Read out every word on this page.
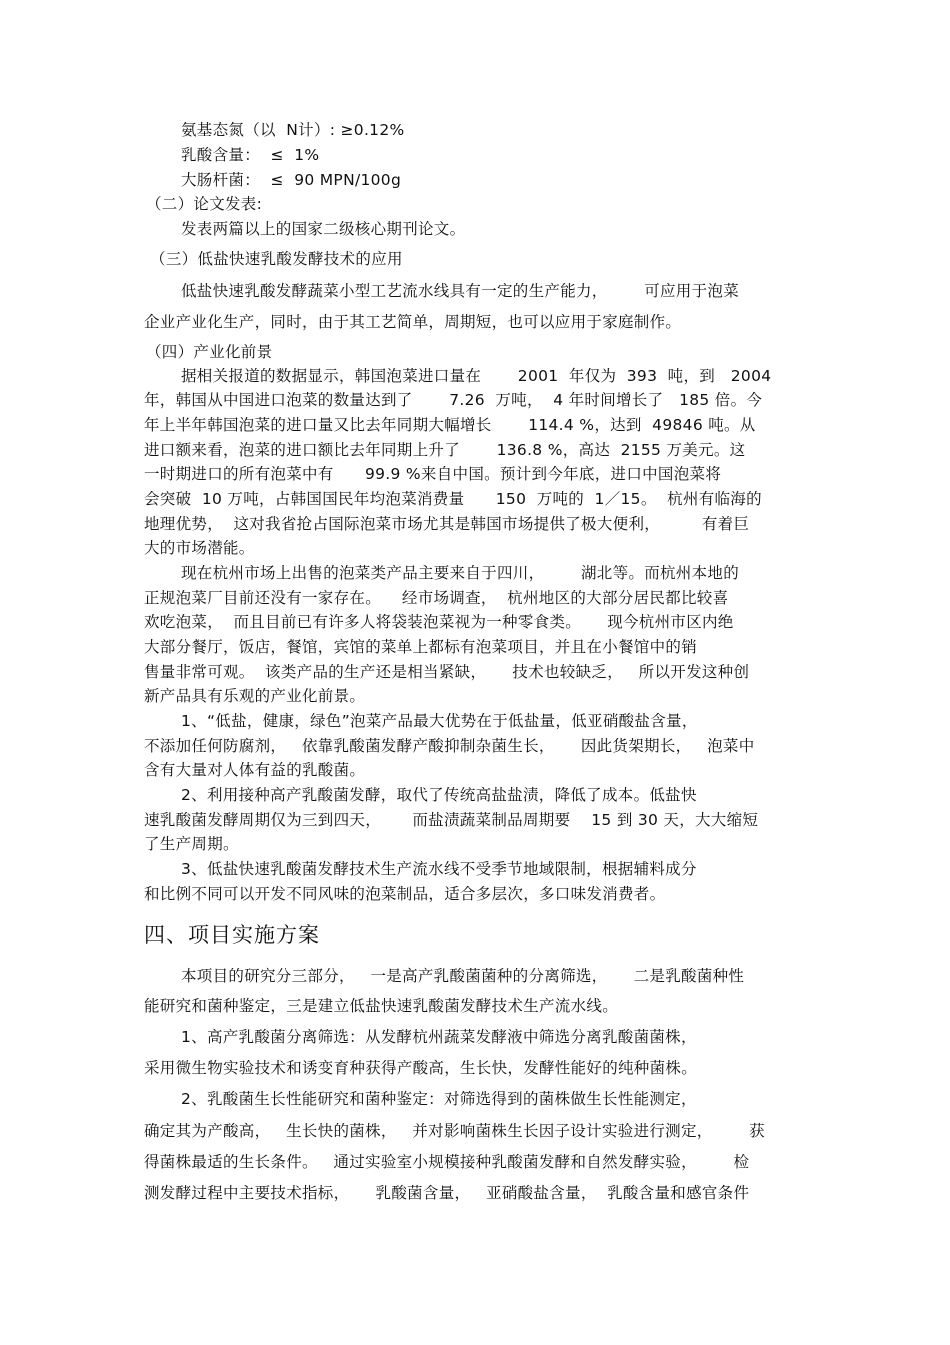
氨基态氮（以  N计）: ≥0.12%
乳酸含量：  ≤  1%
大肠杆菌：  ≤  90 MPN/100g
（二）论文发表:
发表两篇以上的国家二级核心期刊论文。
（三）低盐快速乳酸发酵技术的应用
低盐快速乳酸发酵蔬菜小型工艺流水线具有一定的生产能力，       可应用于泡菜
企业产业化生产，同时，由于其工艺简单，周期短，也可以应用于家庭制作。
（四）产业化前景
据相关报道的数据显示，韩国泡菜进口量在       2001  年仅为  393  吨，到   2004
年，韩国从中国进口泡菜的数量达到了       7.26  万吨，  4 年时间增长了   185 倍。今
年上半年韩国泡菜的进口量又比去年同期大幅增长       114.4 %，达到  49846 吨。从
进口额来看，泡菜的进口额比去年同期上升了       136.8 %，高达  2155 万美元。这
一时期进口的所有泡菜中有      99.9 %来自中国。预计到今年底，进口中国泡菜将
会突破  10 万吨，占韩国国民年均泡菜消费量      150  万吨的  1／15。  杭州有临海的
地理优势，  这对我省抢占国际泡菜市场尤其是韩国市场提供了极大便利，        有着巨
大的市场潜能。
现在杭州市场上出售的泡菜类产品主要来自于四川，       湖北等。而杭州本地的
正规泡菜厂目前还没有一家存在。    经市场调查，  杭州地区的大部分居民都比较喜
欢吃泡菜，  而且目前已有许多人将袋装泡菜视为一种零食类。     现今杭州市区内绝
大部分餐厅，饭店，餐馆，宾馆的菜单上都标有泡菜项目，并且在小餐馆中的销
售量非常可观。  该类产品的生产还是相当紧缺，     技术也较缺乏，   所以开发这种创
新产品具有乐观的产业化前景。
1、“低盐，健康，绿色”泡菜产品最大优势在于低盐量，低亚硝酸盐含量，
不添加任何防腐剂，   依靠乳酸菌发酵产酸抑制杂菌生长，     因此货架期长，   泡菜中
含有大量对人体有益的乳酸菌。
2、利用接种高产乳酸菌发酵，取代了传统高盐盐渍，降低了成本。低盐快
速乳酸菌发酵周期仅为三到四天，      而盐渍蔬菜制品周期要    15 到 30 天，大大缩短
了生产周期。
3、低盐快速乳酸菌发酵技术生产流水线不受季节地域限制，根据辅料成分
和比例不同可以开发不同风味的泡菜制品，适合多层次，多口味发消费者。
四、项目实施方案
本项目的研究分三部分，   一是高产乳酸菌菌种的分离筛选，     二是乳酸菌种性
能研究和菌种鉴定，三是建立低盐快速乳酸菌发酵技术生产流水线。
1、高产乳酸菌分离筛选：从发酵杭州蔬菜发酵液中筛选分离乳酸菌菌株，
采用微生物实验技术和诱变育种获得产酸高，生长快，发酵性能好的纯种菌株。
2、乳酸菌生长性能研究和菌种鉴定：对筛选得到的菌株做生长性能测定，
确定其为产酸高，   生长快的菌株，   并对影响菌株生长因子设计实验进行测定，       获
得菌株最适的生长条件。   通过实验室小规模接种乳酸菌发酵和自然发酵实验，       检
测发酵过程中主要技术指标，     乳酸菌含量，   亚硝酸盐含量，  乳酸含量和感官条件
